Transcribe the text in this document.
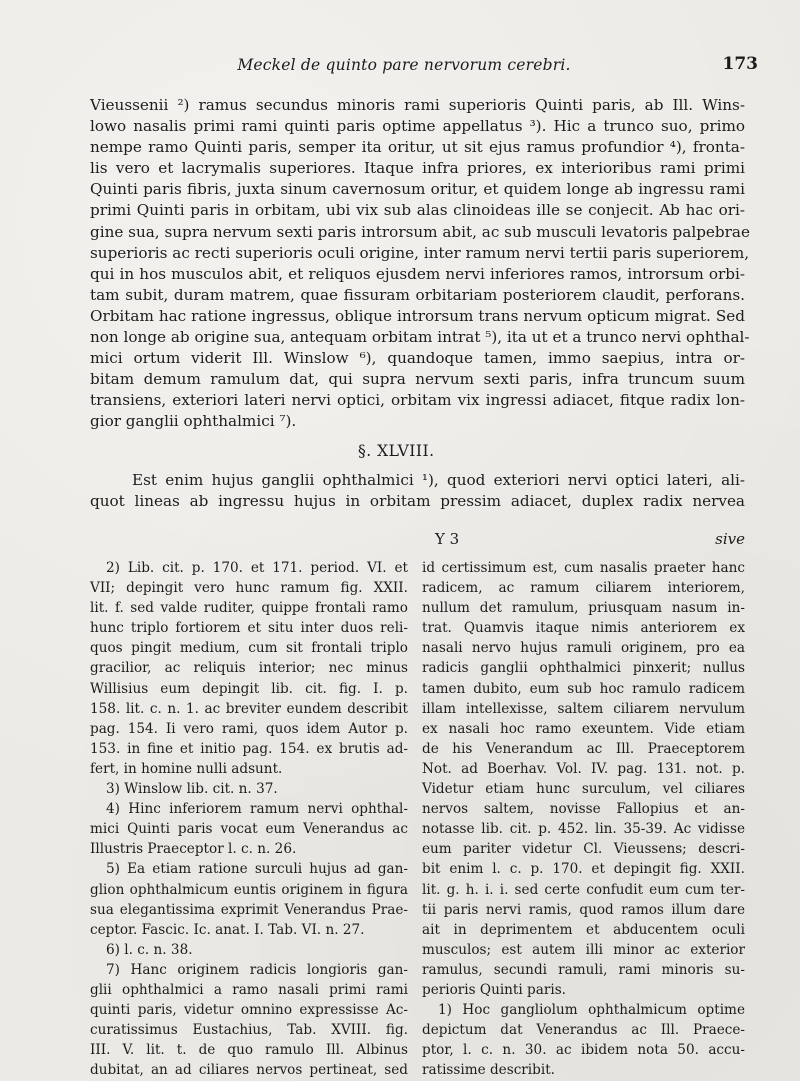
Meckel de quinto pare nervorum cerebri.	173
Vieussenii ²) ramus secundus minoris rami superioris Quinti paris, ab Ill. Wins-
lowo nasalis primi rami quinti paris optime appellatus ³). Hic a trunco suo, primo
nempe ramo Quinti paris, semper ita oritur, ut sit ejus ramus profundior ⁴), fronta-
lis vero et lacrymalis superiores. Itaque infra priores, ex interioribus rami primi
Quinti paris fibris, juxta sinum cavernosum oritur, et quidem longe ab ingressu rami
primi Quinti paris in orbitam, ubi vix sub alas clinoideas ille se conjecit. Ab hac ori-
gine sua, supra nervum sexti paris introrsum abit, ac sub musculi levatoris palpebrae
superioris ac recti superioris oculi origine, inter ramum nervi tertii paris superiorem,
qui in hos musculos abit, et reliquos ejusdem nervi inferiores ramos, introrsum orbi-
tam subit, duram matrem, quae fissuram orbitariam posteriorem claudit, perforans.
Orbitam hac ratione ingressus, oblique introrsum trans nervum opticum migrat. Sed
non longe ab origine sua, antequam orbitam intrat ⁵), ita ut et a trunco nervi ophthal-
mici ortum viderit Ill. Winslow ⁶), quandoque tamen, immo saepius, intra or-
bitam demum ramulum dat, qui supra nervum sexti paris, infra truncum suum
transiens, exteriori lateri nervi optici, orbitam vix ingressi adiacet, fitque radix lon-
gior ganglii ophthalmici ⁷).
§. XLVIII.
Est enim hujus ganglii ophthalmici ¹), quod exteriori nervi optici lateri, ali-
quot lineas ab ingressu hujus in orbitam pressim adiacet, duplex radix nervea
Y 3	sive
2) Lib. cit. p. 170. et 171. period. VI. et
VII; depingit vero hunc ramum fig. XXII.
lit. f. sed valde ruditer, quippe frontali ramo
hunc triplo fortiorem et situ inter duos reli-
quos pingit medium, cum sit frontali triplo
gracilior, ac reliquis interior; nec minus
Willisius eum depingit lib. cit. fig. I. p.
158. lit. c. n. 1. ac breviter eundem describit
pag. 154. Ii vero rami, quos idem Autor p.
153. in fine et initio pag. 154. ex brutis ad-
fert, in homine nulli adsunt.
3) Winslow lib. cit. n. 37.
4) Hinc inferiorem ramum nervi ophthal-
mici Quinti paris vocat eum Venerandus ac
Illustris Praeceptor l. c. n. 26.
5) Ea etiam ratione surculi hujus ad gan-
glion ophthalmicum euntis originem in figura
sua elegantissima exprimit Venerandus Prae-
ceptor. Fascic. Ic. anat. I. Tab. VI. n. 27.
6) l. c. n. 38.
7) Hanc originem radicis longioris gan-
glii ophthalmici a ramo nasali primi rami
quinti paris, videtur omnino expressisse Ac-
curatissimus Eustachius, Tab. XVIII. fig.
III. V. lit. t. de quo ramulo Ill. Albinus
dubitat, an ad ciliares nervos pertineat, sed
id certissimum est, cum nasalis praeter hanc
radicem, ac ramum ciliarem interiorem,
nullum det ramulum, priusquam nasum in-
trat. Quamvis itaque nimis anteriorem ex
nasali nervo hujus ramuli originem, pro ea
radicis ganglii ophthalmici pinxerit; nullus
tamen dubito, eum sub hoc ramulo radicem
illam intellexisse, saltem ciliarem nervulum
ex nasali hoc ramo exeuntem. Vide etiam
de his Venerandum ac Ill. Praeceptorem
Not. ad Boerhav. Vol. IV. pag. 131. not. p.
Videtur etiam hunc surculum, vel ciliares
nervos saltem, novisse Fallopius et an-
notasse lib. cit. p. 452. lin. 35-39. Ac vidisse
eum pariter videtur Cl. Vieussens; descri-
bit enim l. c. p. 170. et depingit fig. XXII.
lit. g. h. i. i. sed certe confudit eum cum ter-
tii paris nervi ramis, quod ramos illum dare
ait in deprimentem et abducentem oculi
musculos; est autem illi minor ac exterior
ramulus, secundi ramuli, rami minoris su-
perioris Quinti paris.
1) Hoc gangliolum ophthalmicum optime
depictum dat Venerandus ac Ill. Praece-
ptor, l. c. n. 30. ac ibidem nota 50. accu-
ratissime describit.
